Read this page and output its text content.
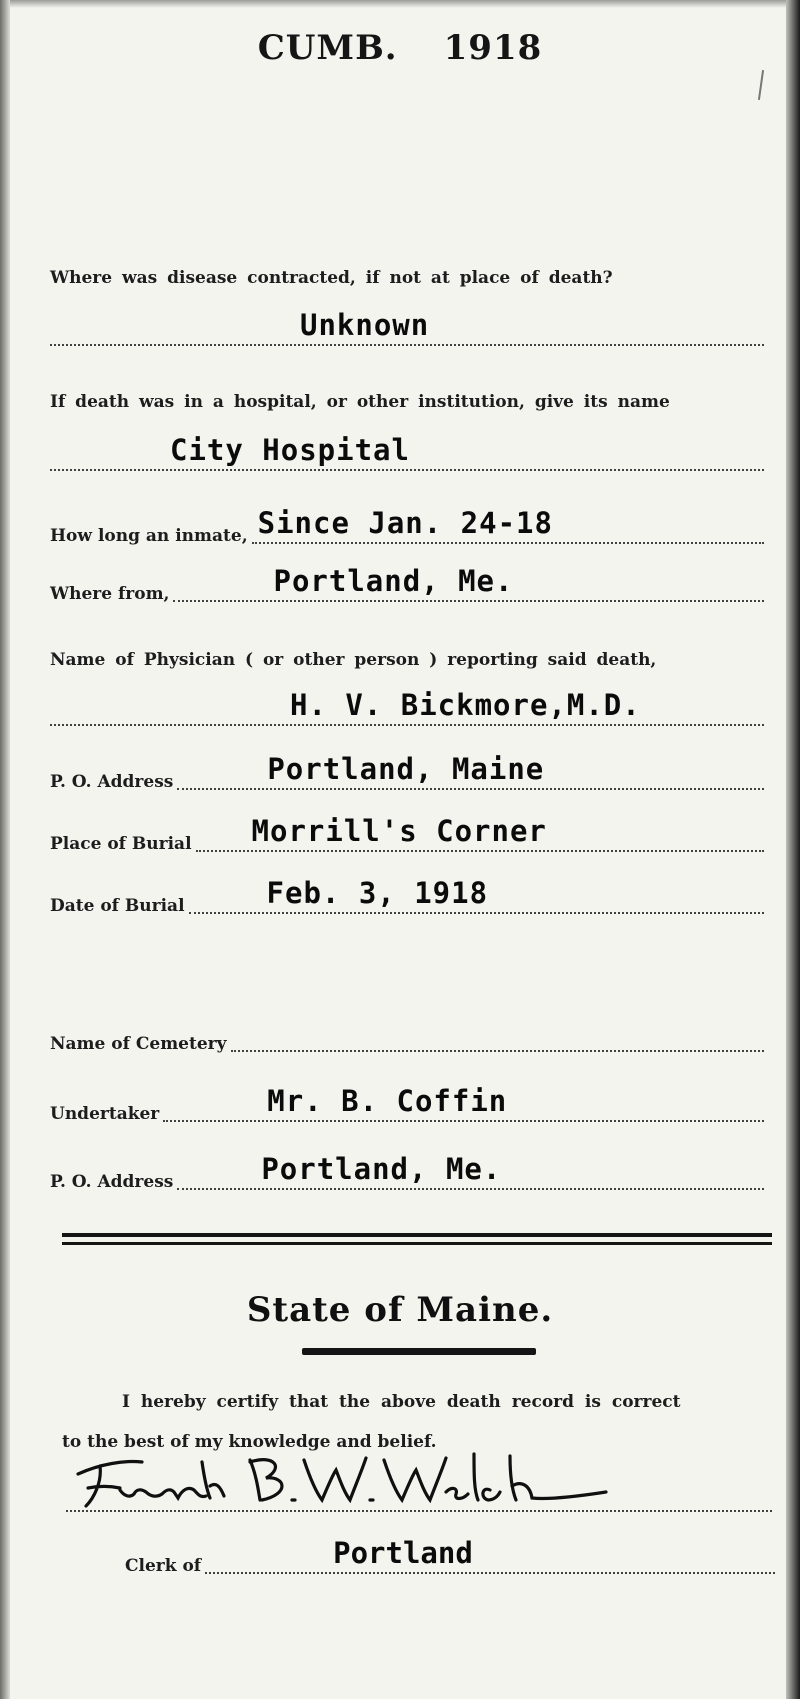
CUMB. 1918
Where was disease contracted, if not at place of death?
Unknown
If death was in a hospital, or other institution, give its name
City Hospital
How long an inmate, Since Jan. 24-18
Where from,	Portland, Me.
Name of Physician ( or other person ) reporting said death,
H. V. Bickmore,M.D.
P. O. Address	Portland, Maine
Place of Burial Morrill's Corner
Date of Burial	Feb. 3, 1918
Name of Cemetery
Undertaker	Mr. B. Coffin
P. O. Address	Portland, Me.
State of Maine.
I hereby certify that the above death record is correct
to the best of my knowledge and belief.
Clerk of	Portland
